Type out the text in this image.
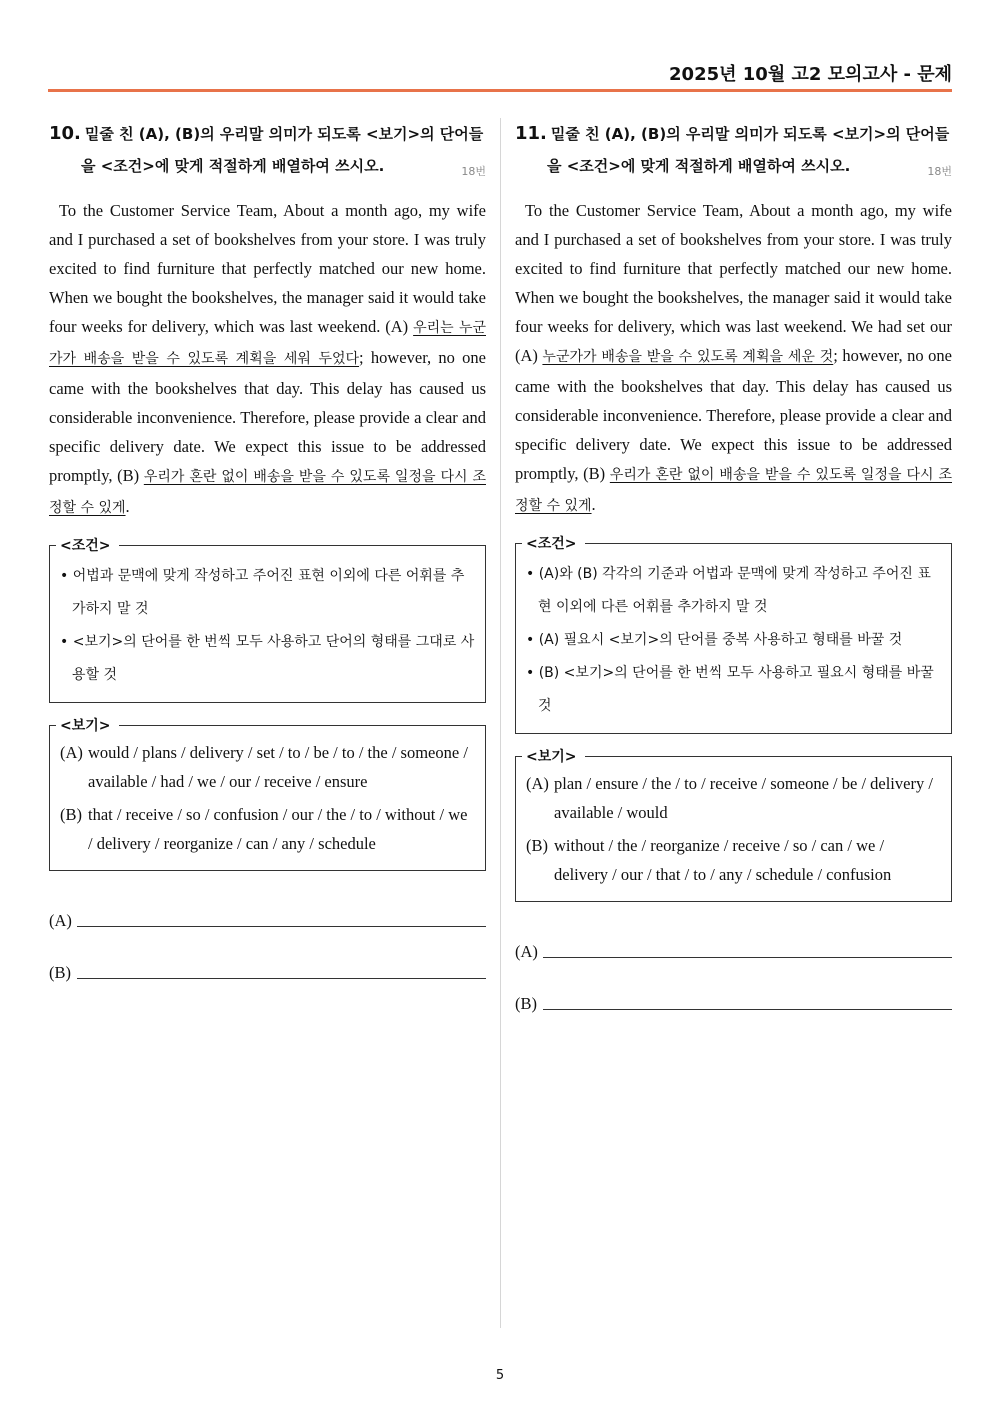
2025년 10월 고2 모의고사 - 문제
10. 밑줄 친 (A), (B)의 우리말 의미가 되도록 <보기>의 단어들
을 <조건>에 맞게 적절하게 배열하여 쓰시오.	18번
To the Customer Service Team, About a month ago, my wife and I purchased a set of bookshelves from your store. I was truly excited to find furniture that perfectly matched our new home. When we bought the bookshelves, the manager said it would take four weeks for delivery, which was last weekend. (A) 우리는 누군가가 배송을 받을 수 있도록 계획을 세워 두었다; however, no one came with the bookshelves that day. This delay has caused us considerable inconvenience. Therefore, please provide a clear and specific delivery date. We expect this issue to be addressed promptly, (B) 우리가 혼란 없이 배송을 받을 수 있도록 일정을 다시 조정할 수 있게.
<조건>
• 어법과 문맥에 맞게 작성하고 주어진 표현 이외에 다른 어휘를 추가하지 말 것
• <보기>의 단어를 한 번씩 모두 사용하고 단어의 형태를 그대로 사용할 것
<보기>
(A) would / plans / delivery / set / to / be / to / the / someone / available / had / we / our / receive / ensure
(B) that / receive / so / confusion / our / the / to / without / we / delivery / reorganize / can / any / schedule
(A)
(B)
11. 밑줄 친 (A), (B)의 우리말 의미가 되도록 <보기>의 단어들
을 <조건>에 맞게 적절하게 배열하여 쓰시오.	18번
To the Customer Service Team, About a month ago, my wife and I purchased a set of bookshelves from your store. I was truly excited to find furniture that perfectly matched our new home. When we bought the bookshelves, the manager said it would take four weeks for delivery, which was last weekend. We had set our (A) 누군가가 배송을 받을 수 있도록 계획을 세운 것; however, no one came with the bookshelves that day. This delay has caused us considerable inconvenience. Therefore, please provide a clear and specific delivery date. We expect this issue to be addressed promptly, (B) 우리가 혼란 없이 배송을 받을 수 있도록 일정을 다시 조정할 수 있게.
<조건>
• (A)와 (B) 각각의 기준과 어법과 문맥에 맞게 작성하고 주어진 표현 이외에 다른 어휘를 추가하지 말 것
• (A) 필요시 <보기>의 단어를 중복 사용하고 형태를 바꿀 것
• (B) <보기>의 단어를 한 번씩 모두 사용하고 필요시 형태를 바꿀 것
<보기>
(A) plan / ensure / the / to / receive / someone / be / delivery / available / would
(B) without / the / reorganize / receive / so / can / we / delivery / our / that / to / any / schedule / confusion
(A)
(B)
5
